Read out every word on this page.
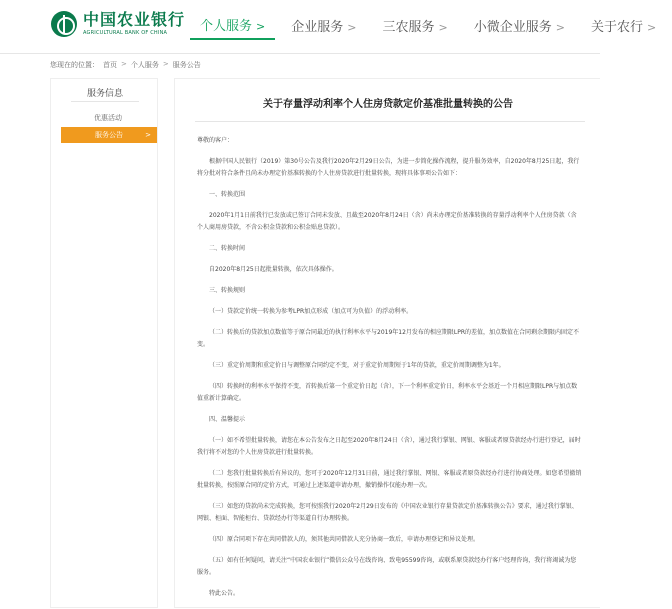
中国农业银行
AGRICULTURAL BANK OF CHINA	个人服务 > 企业服务 > 三农服务 > 小微企业服务 > 关于农行 >
您现在的位置： 首页 > 个人服务 > 服务公告
服务信息
优惠活动
服务公告	>
关于存量浮动利率个人住房贷款定价基准批量转换的公告
尊敬的客户：
根据中国人民银行（2019）第30号公告及我行2020年2月29日公告，为进一步简化操作流程，提升服务效率，自2020年8月25日起，我行将分批对符合条件且尚未办理定价基准转换的个人住房贷款进行批量转换，现将具体事项公告如下：
一、转换范围
2020年1月1日前我行已发放或已签订合同未发放、且截至2020年8月24日（含）尚未办理定价基准转换的存量浮动利率个人住房贷款（含个人商用房贷款，不含公积金贷款和公积金贴息贷款）。
二、转换时间
自2020年8月25日起批量转换，依次具体操作。
三、转换规则
（一）贷款定价统一转换为参考LPR加点形成（加点可为负值）的浮动利率。
（二）转换后的贷款加点数值等于原合同最近的执行利率水平与2019年12月发布的相应期限LPR的差值，加点数值在合同剩余期限内固定不变。
（三）重定价周期和重定价日与调整原合同约定不变，对于重定价周期短于1年的贷款，重定价周期调整为1年。
（四）转换时的利率水平保持不变，首转换后第一个重定价日起（含），下一个利率重定价日，利率水平会基近一个月相应期限LPR与加点数值重新计算确定。
四、温馨提示
（一）如不希望批量转换，请您在本公告发布之日起至2020年8月24日（含），通过我行掌银、网银、客服或者原贷款经办行进行登记，届时我行将不对您的个人住房贷款进行批量转换。
（二）您我行批量转换后有异议的，您可于2020年12月31日前，通过我行掌银、网银、客服或者原贷款经办行进行协商处理。如您希望撤销批量转换，按照原合同的定价方式，可通过上述渠道申请办理，撤销操作仅能办理一次。
（三）如您的贷款尚未完成转换，您可按照我行2020年2月29日发布的《中国农业银行存量贷款定价基准转换公告》要求，通过我行掌银、网银、柜面、智能柜台、贷款经办行等渠道自行办理转换。
（四）原合同项下存在共同借款人的，须其他共同借款人充分协商一致后，申请办理登记和异议处理。
（五）如有任何疑问，请关注“中国农业银行”微信公众号在线咨询、致电95599咨询，或联系原贷款经办行客户经理咨询，我行将竭诚为您服务。
特此公告。
